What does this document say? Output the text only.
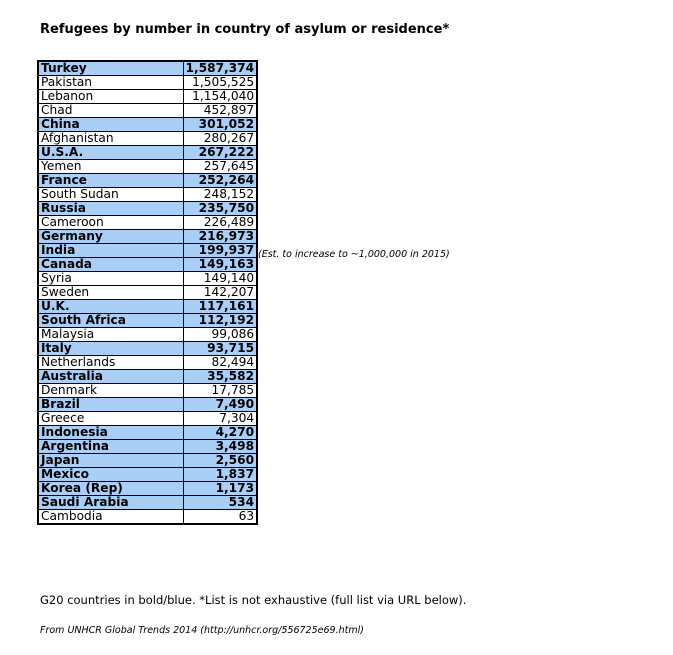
Refugees by number in country of asylum or residence*
Turkey	1,587,374
Pakistan	1,505,525
Lebanon	1,154,040
Chad	452,897
China	301,052
Afghanistan	280,267
U.S.A.	267,222
Yemen	257,645
France	252,264
South Sudan	248,152
Russia	235,750
Cameroon	226,489
Germany	216,973
India	199,937
Canada	149,163
Syria	149,140
Sweden	142,207
U.K.	117,161
South Africa	112,192
Malaysia	99,086
Italy	93,715
Netherlands	82,494
Australia	35,582
Denmark	17,785
Brazil	7,490
Greece	7,304
Indonesia	4,270
Argentina	3,498
Japan	2,560
Mexico	1,837
Korea (Rep)	1,173
Saudi Arabia	534
Cambodia	63
(Est. to increase to ~1,000,000 in 2015)
G20 countries in bold/blue. *List is not exhaustive (full list via URL below).
From UNHCR Global Trends 2014 (http://unhcr.org/556725e69.html)
